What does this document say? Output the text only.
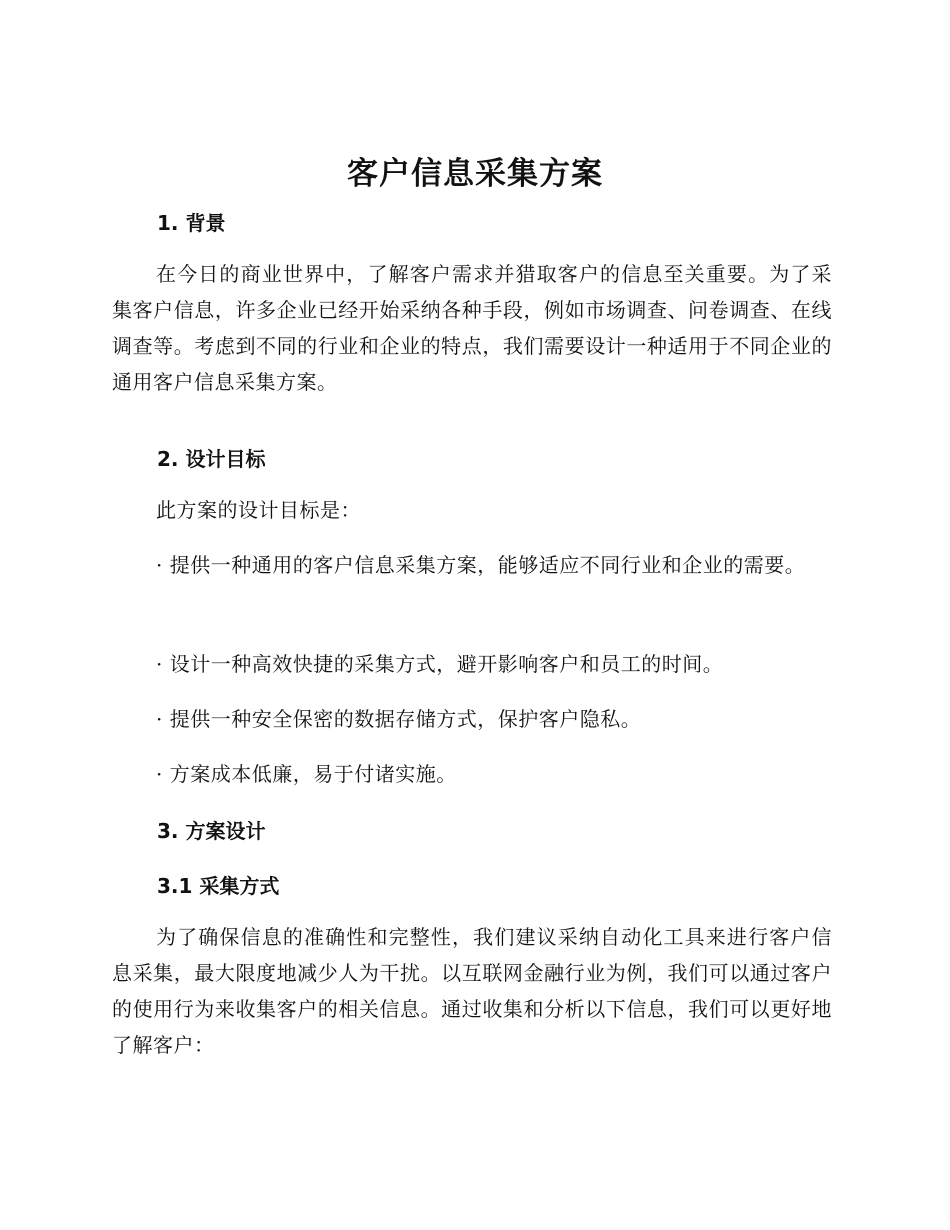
客户信息采集方案
1. 背景
在今日的商业世界中，了解客户需求并猎取客户的信息至关重要。为了采集客户信息，许多企业已经开始采纳各种手段，例如市场调查、问卷调查、在线调查等。考虑到不同的行业和企业的特点，我们需要设计一种适用于不同企业的通用客户信息采集方案。
2. 设计目标
此方案的设计目标是：
· 提供一种通用的客户信息采集方案，能够适应不同行业和企业的需要。
· 设计一种高效快捷的采集方式，避开影响客户和员工的时间。
· 提供一种安全保密的数据存储方式，保护客户隐私。
· 方案成本低廉，易于付诸实施。
3. 方案设计
3.1 采集方式
为了确保信息的准确性和完整性，我们建议采纳自动化工具来进行客户信息采集，最大限度地减少人为干扰。以互联网金融行业为例，我们可以通过客户的使用行为来收集客户的相关信息。通过收集和分析以下信息，我们可以更好地了解客户：
